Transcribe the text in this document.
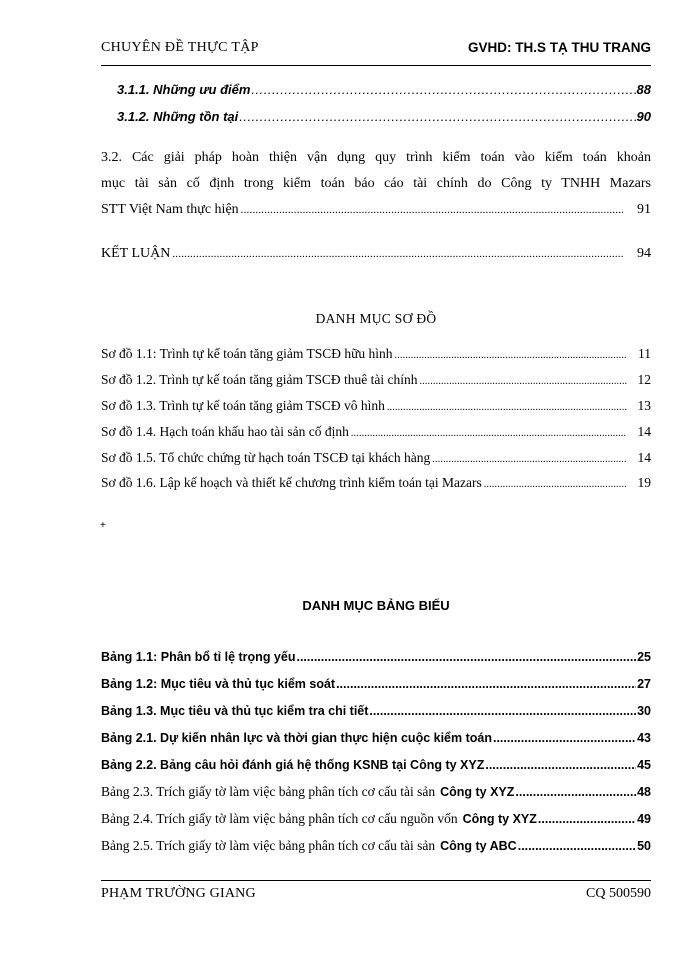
CHUYÊN ĐỀ THỰC TẬP	GVHD: TH.S TẠ THU TRANG
3.1.1. Những ưu điểm .....	88
3.1.2. Những tồn tại .....	90
3.2. Các giải pháp hoàn thiện vận dụng quy trình kiểm toán vào kiểm toán khoản
mục tài sản cố định trong kiểm toán báo cáo tài chính do Công ty TNHH Mazars
STT Việt Nam thực hiện .....	91
KẾT LUẬN .....	94
DANH MỤC SƠ ĐỒ
Sơ đồ 1.1: Trình tự kế toán tăng giảm TSCĐ hữu hình .....	11
Sơ đồ 1.2. Trình tự kế toán tăng giảm TSCĐ thuê tài chính .....	12
Sơ đồ 1.3. Trình tự kế toán tăng giảm TSCĐ vô hình .....	13
Sơ đồ 1.4. Hạch toán khấu hao tài sản cố định .....	14
Sơ đồ 1.5. Tổ chức chứng từ hạch toán TSCĐ tại khách hàng .....	14
Sơ đồ 1.6. Lập kế hoạch và thiết kế chương trình kiểm toán tại Mazars .....	19
+
DANH MỤC BẢNG BIỂU
Bảng 1.1: Phân bổ tỉ lệ trọng yếu .....	25
Bảng 1.2: Mục tiêu và thủ tục kiểm soát .....	27
Bảng 1.3. Mục tiêu và thủ tục kiểm tra chi tiết .....	30
Bảng 2.1. Dự kiến nhân lực và thời gian thực hiện cuộc kiểm toán .....	43
Bảng 2.2. Bảng câu hỏi đánh giá hệ thống KSNB tại Công ty XYZ .....	45
Bảng 2.3. Trích giấy tờ làm việc bảng phân tích cơ cấu tài sản Công ty XYZ .....	48
Bảng 2.4. Trích giấy tờ làm việc bảng phân tích cơ cấu nguồn vốn Công ty XYZ .....	49
Bảng 2.5. Trích giấy tờ làm việc bảng phân tích cơ cấu tài sản Công ty ABC .....	50
PHẠM TRƯỜNG GIANG	CQ 500590
